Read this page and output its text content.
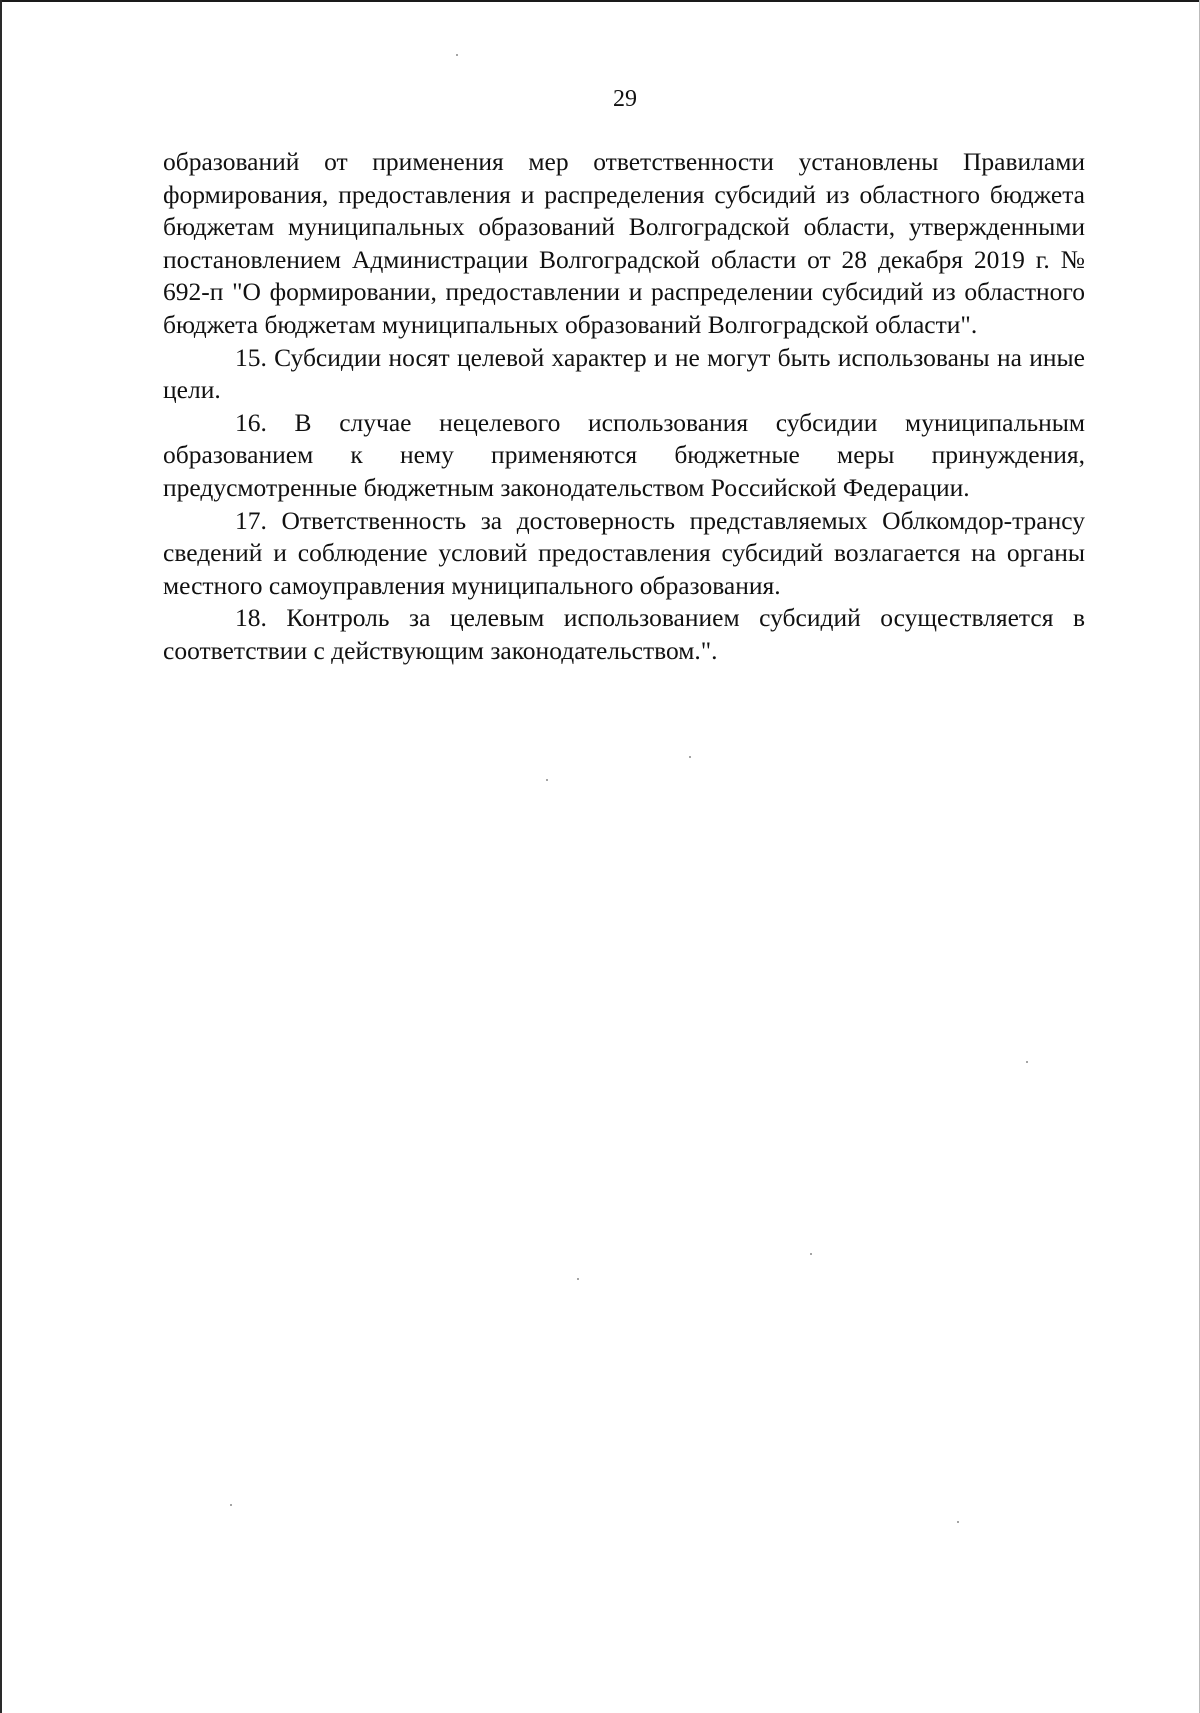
29

образований от применения мер ответственности установлены Правилами формирования, предоставления и распределения субсидий из областного бюджета бюджетам муниципальных образований Волгоградской области, утвержденными постановлением Администрации Волгоградской области от 28 декабря 2019 г. № 692-п "О формировании, предоставлении и распределении субсидий из областного бюджета бюджетам муниципальных образований Волгоградской области".

15. Субсидии носят целевой характер и не могут быть использованы на иные цели.

16. В случае нецелевого использования субсидии муниципальным образованием к нему применяются бюджетные меры принуждения, предусмотренные бюджетным законодательством Российской Федерации.

17. Ответственность за достоверность представляемых Облкомдор-трансу сведений и соблюдение условий предоставления субсидий возлагается на органы местного самоуправления муниципального образования.

18. Контроль за целевым использованием субсидий осуществляется в соответствии с действующим законодательством.".
